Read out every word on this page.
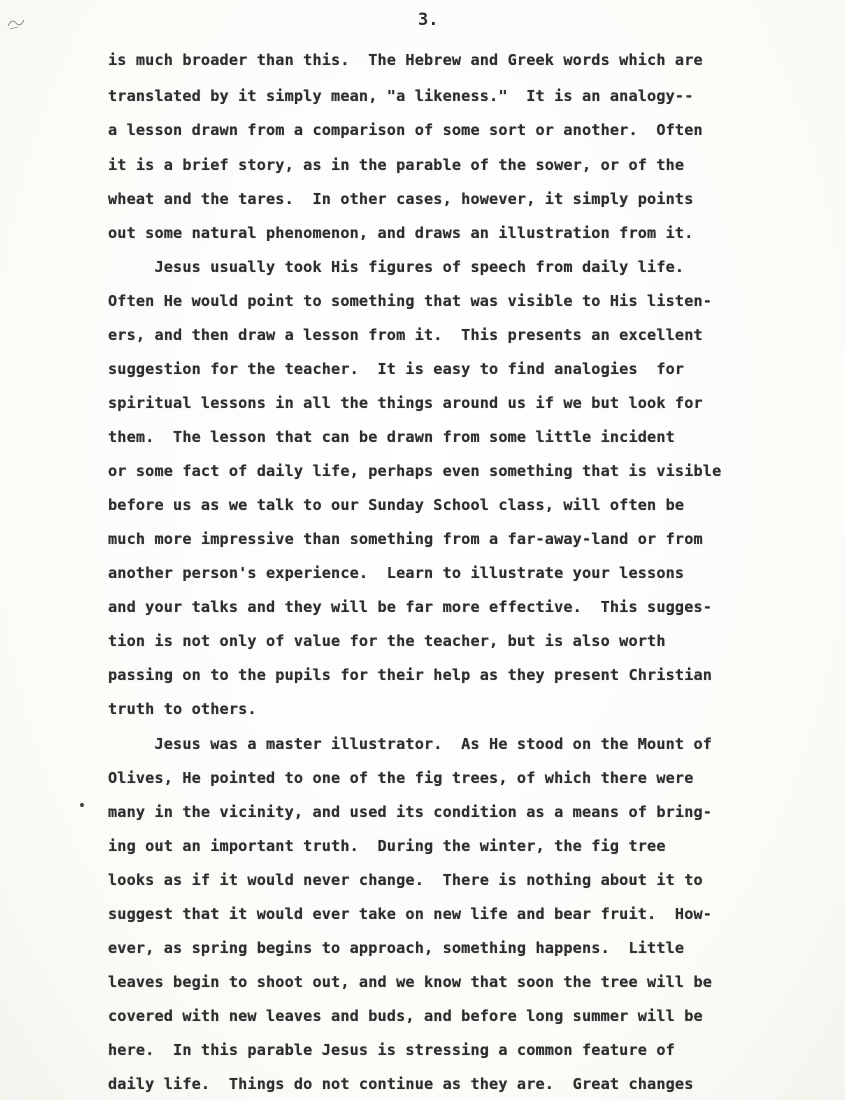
3.
is much broader than this.  The Hebrew and Greek words which are
translated by it simply mean, "a likeness."  It is an analogy--
a lesson drawn from a comparison of some sort or another.  Often
it is a brief story, as in the parable of the sower, or of the
wheat and the tares.  In other cases, however, it simply points
out some natural phenomenon, and draws an illustration from it.
Jesus usually took His figures of speech from daily life.
Often He would point to something that was visible to His listen-
ers, and then draw a lesson from it.  This presents an excellent
suggestion for the teacher.  It is easy to find analogies  for
spiritual lessons in all the things around us if we but look for
them.  The lesson that can be drawn from some little incident
or some fact of daily life, perhaps even something that is visible
before us as we talk to our Sunday School class, will often be
much more impressive than something from a far-away-land or from
another person's experience.  Learn to illustrate your lessons
and your talks and they will be far more effective.  This sugges-
tion is not only of value for the teacher, but is also worth
passing on to the pupils for their help as they present Christian
truth to others.
Jesus was a master illustrator.  As He stood on the Mount of
Olives, He pointed to one of the fig trees, of which there were
many in the vicinity, and used its condition as a means of bring-
ing out an important truth.  During the winter, the fig tree
looks as if it would never change.  There is nothing about it to
suggest that it would ever take on new life and bear fruit.  How-
ever, as spring begins to approach, something happens.  Little
leaves begin to shoot out, and we know that soon the tree will be
covered with new leaves and buds, and before long summer will be
here.  In this parable Jesus is stressing a common feature of
daily life.  Things do not continue as they are.  Great changes
